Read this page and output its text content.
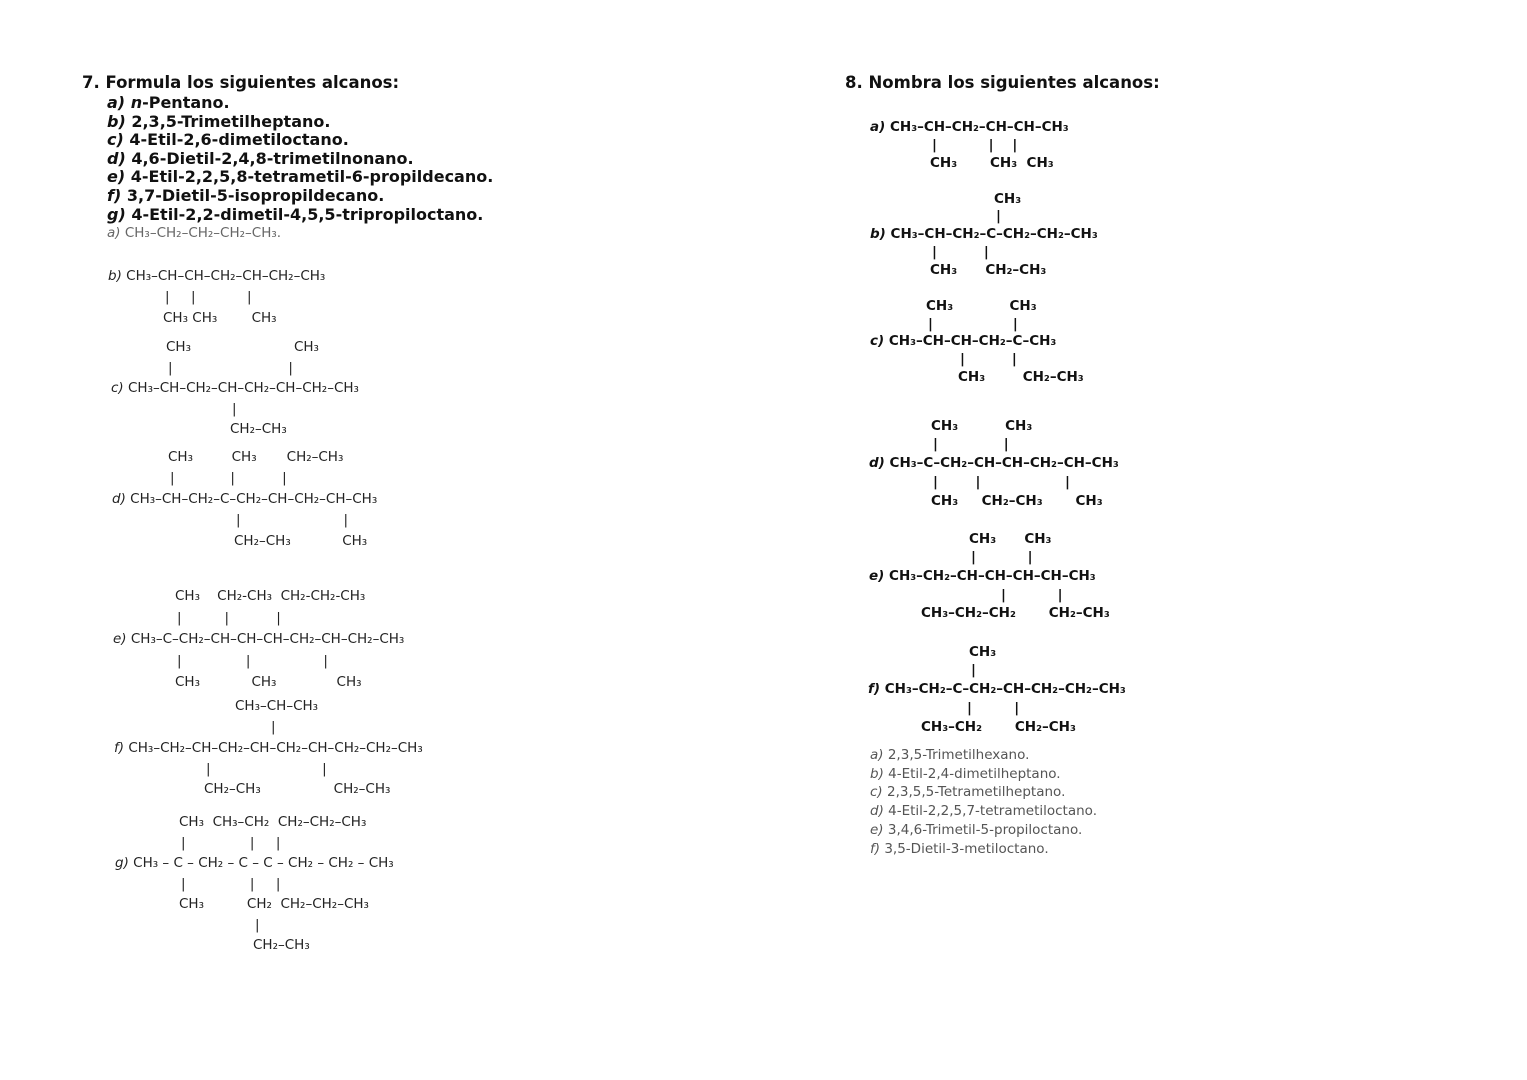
7. Formula los siguientes alcanos:
a) n-Pentano.
b) 2,3,5-Trimetilheptano.
c) 4-Etil-2,6-dimetiloctano.
d) 4,6-Dietil-2,4,8-trimetilnonano.
e) 4-Etil-2,2,5,8-tetrametil-6-propildecano.
f) 3,7-Dietil-5-isopropildecano.
g) 4-Etil-2,2-dimetil-4,5,5-tripropiloctano.
a) CH₃–CH₂–CH₂–CH₂–CH₃.
b) CH₃–CH–CH–CH₂–CH–CH₂–CH₃
|     |            |
CH₃ CH₃        CH₃
CH₃                        CH₃
|                           |
c) CH₃–CH–CH₂–CH–CH₂–CH–CH₂–CH₃
|
CH₂–CH₃
CH₃         CH₃       CH₂–CH₃
|             |           |
d) CH₃–CH–CH₂–C–CH₂–CH–CH₂–CH–CH₃
|                        |
CH₂–CH₃            CH₃
CH₃    CH₂-CH₃  CH₂-CH₂-CH₃
|          |           |
e) CH₃–C–CH₂–CH–CH–CH–CH₂–CH–CH₂–CH₃
|               |                 |
CH₃            CH₃              CH₃
CH₃–CH–CH₃
|
f) CH₃–CH₂–CH–CH₂–CH–CH₂–CH–CH₂–CH₂–CH₃
|                          |
CH₂–CH₃                 CH₂–CH₃
CH₃  CH₃–CH₂  CH₂–CH₂–CH₃
|               |     |
g) CH₃ – C – CH₂ – C – C – CH₂ – CH₂ – CH₃
|               |     |
CH₃          CH₂  CH₂–CH₂–CH₃
|
CH₂–CH₃
8. Nombra los siguientes alcanos:
a) CH₃–CH–CH₂–CH–CH–CH₃
|           |    |
CH₃       CH₃  CH₃
CH₃
|
b) CH₃–CH–CH₂–C–CH₂–CH₂–CH₃
|          |
CH₃      CH₂–CH₃
CH₃            CH₃
|                 |
c) CH₃–CH–CH–CH₂–C–CH₃
|          |
CH₃        CH₂–CH₃
CH₃          CH₃
|              |
d) CH₃–C–CH₂–CH–CH–CH₂–CH–CH₃
|        |                  |
CH₃     CH₂–CH₃       CH₃
CH₃      CH₃
|           |
e) CH₃–CH₂–CH–CH–CH–CH–CH₃
|           |
CH₃–CH₂–CH₂       CH₂–CH₃
CH₃
|
f) CH₃–CH₂–C–CH₂–CH–CH₂–CH₂–CH₃
|         |
CH₃–CH₂       CH₂–CH₃
a) 2,3,5-Trimetilhexano.
b) 4-Etil-2,4-dimetilheptano.
c) 2,3,5,5-Tetrametilheptano.
d) 4-Etil-2,2,5,7-tetrametiloctano.
e) 3,4,6-Trimetil-5-propiloctano.
f) 3,5-Dietil-3-metiloctano.
